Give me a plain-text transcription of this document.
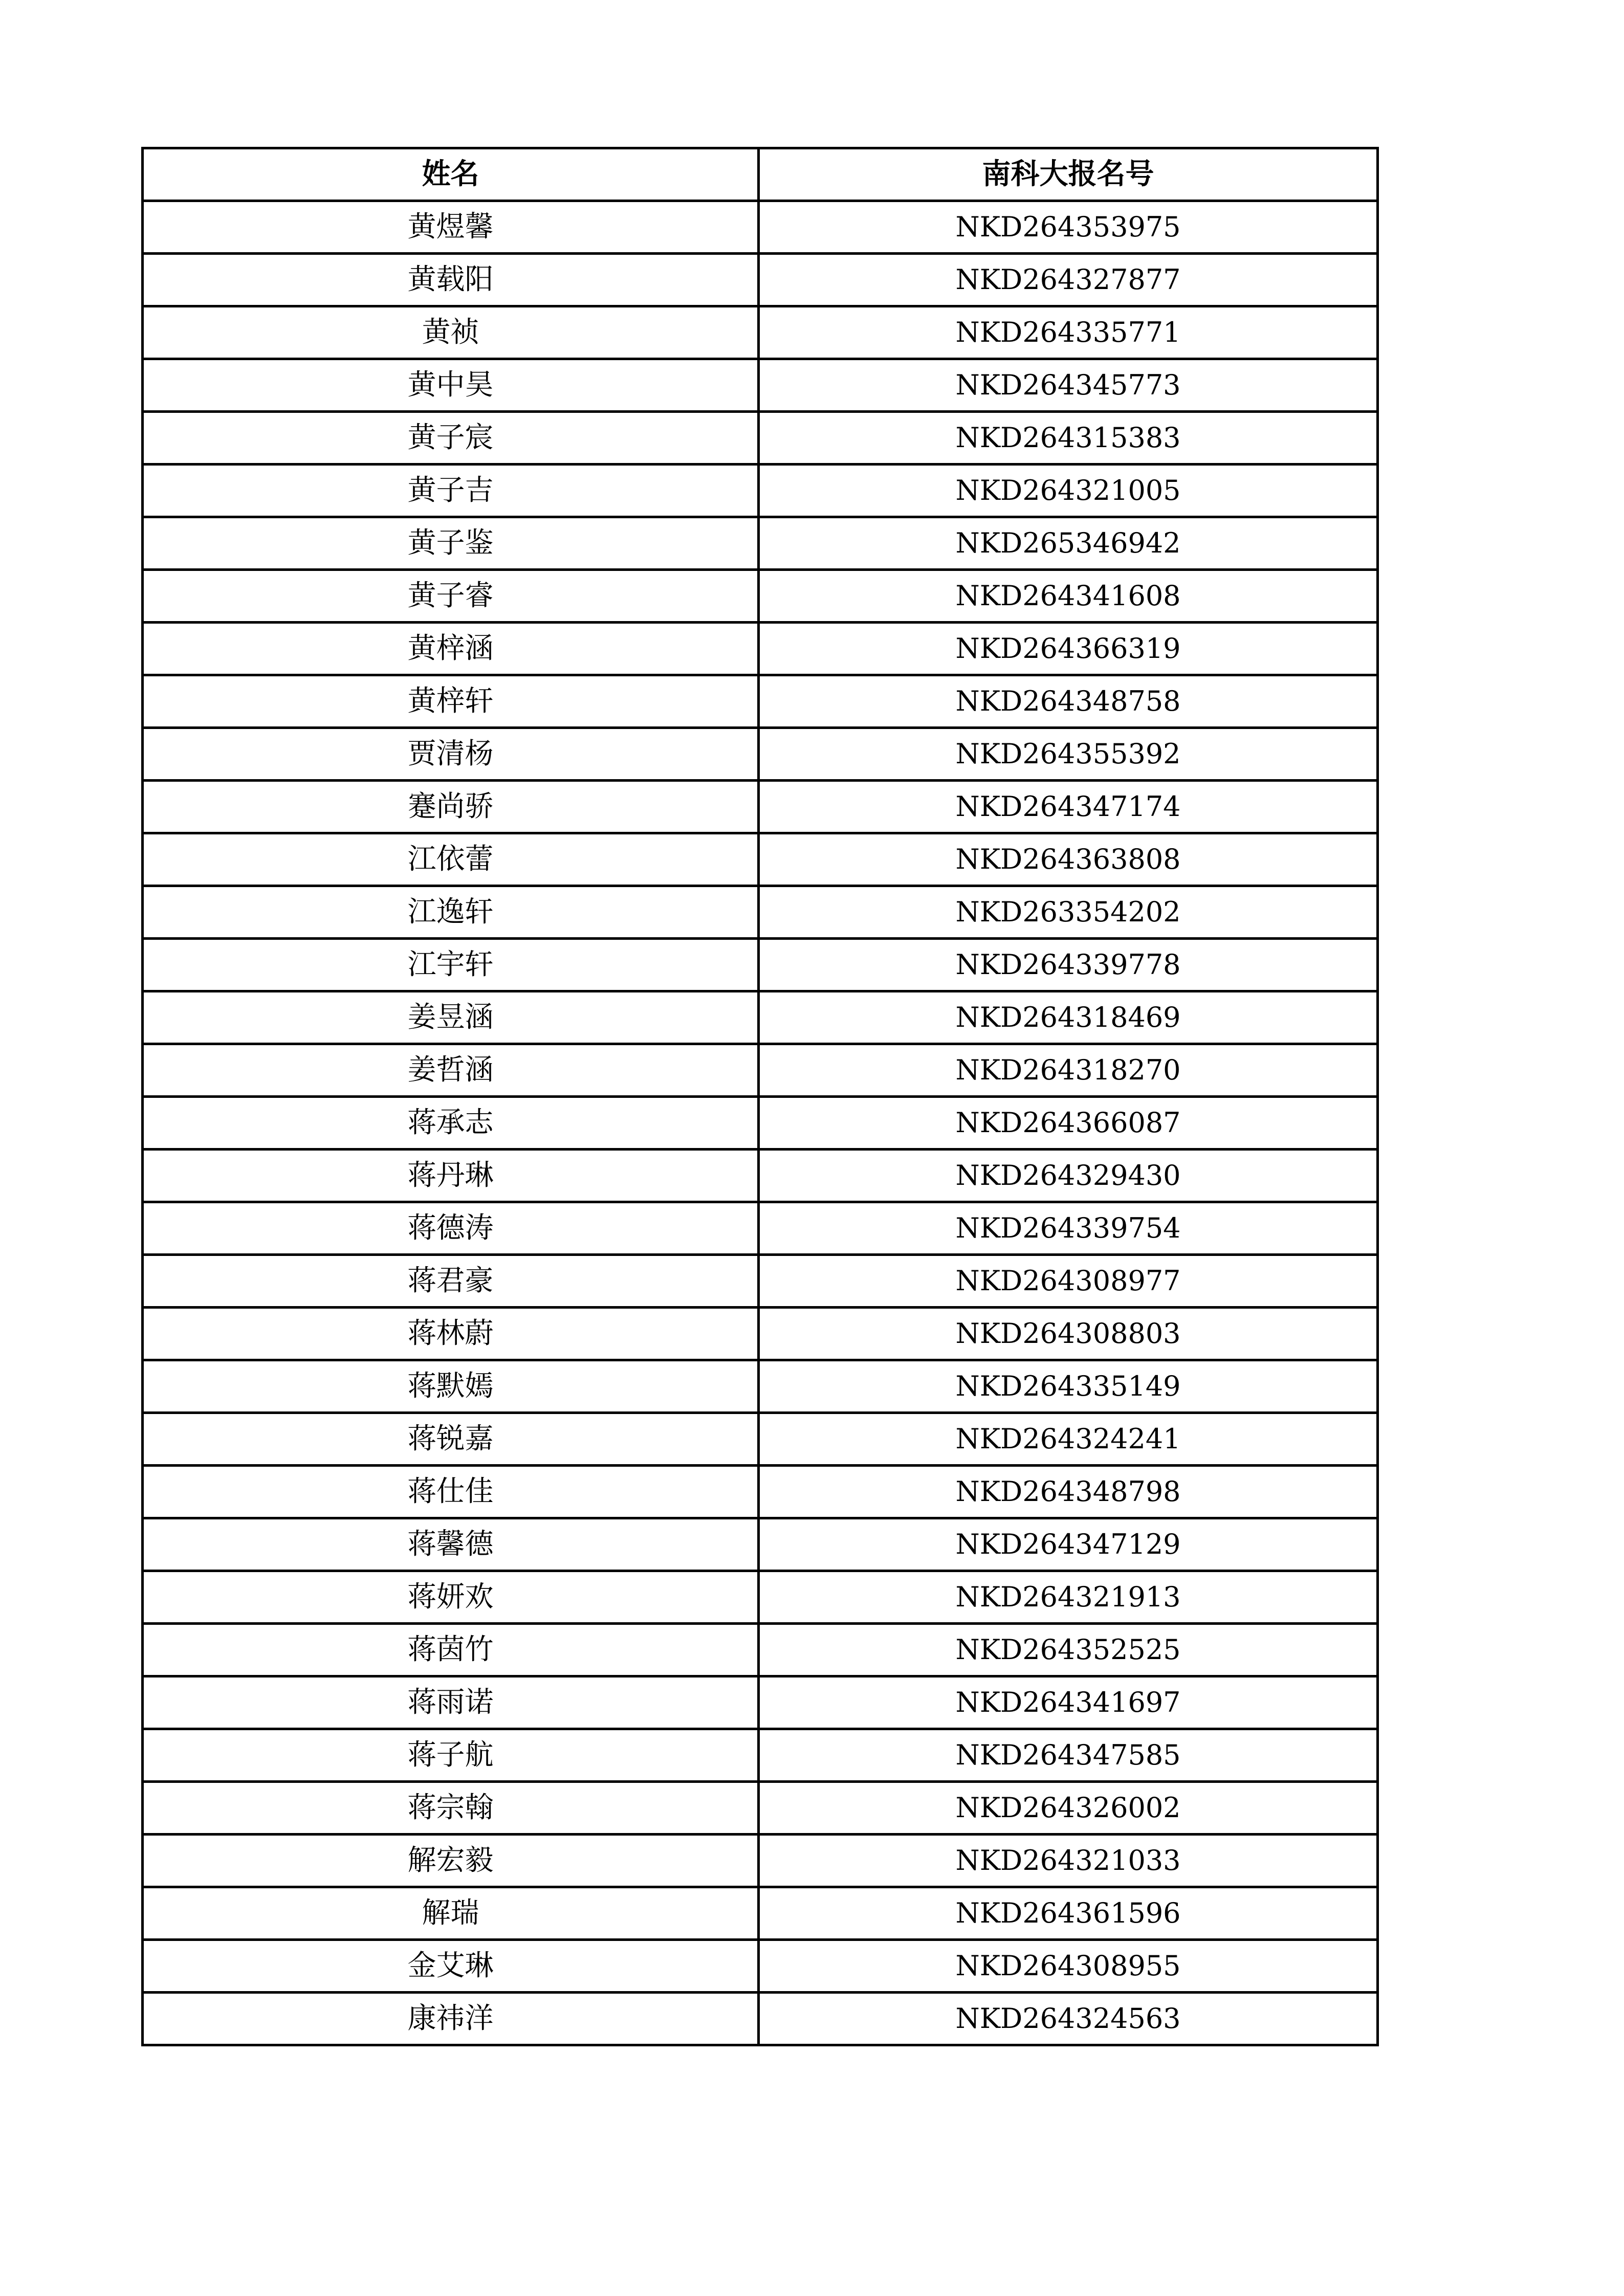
姓名	南科大报名号
黄煜馨	NKD264353975
黄载阳	NKD264327877
黄祯	NKD264335771
黄中昊	NKD264345773
黄子宸	NKD264315383
黄子吉	NKD264321005
黄子鉴	NKD265346942
黄子睿	NKD264341608
黄梓涵	NKD264366319
黄梓轩	NKD264348758
贾清杨	NKD264355392
蹇尚骄	NKD264347174
江依蕾	NKD264363808
江逸轩	NKD263354202
江宇轩	NKD264339778
姜昱涵	NKD264318469
姜哲涵	NKD264318270
蒋承志	NKD264366087
蒋丹琳	NKD264329430
蒋德涛	NKD264339754
蒋君豪	NKD264308977
蒋林蔚	NKD264308803
蒋默嫣	NKD264335149
蒋锐嘉	NKD264324241
蒋仕佳	NKD264348798
蒋馨德	NKD264347129
蒋妍欢	NKD264321913
蒋茵竹	NKD264352525
蒋雨诺	NKD264341697
蒋子航	NKD264347585
蒋宗翰	NKD264326002
解宏毅	NKD264321033
解瑞	NKD264361596
金艾琳	NKD264308955
康祎洋	NKD264324563
